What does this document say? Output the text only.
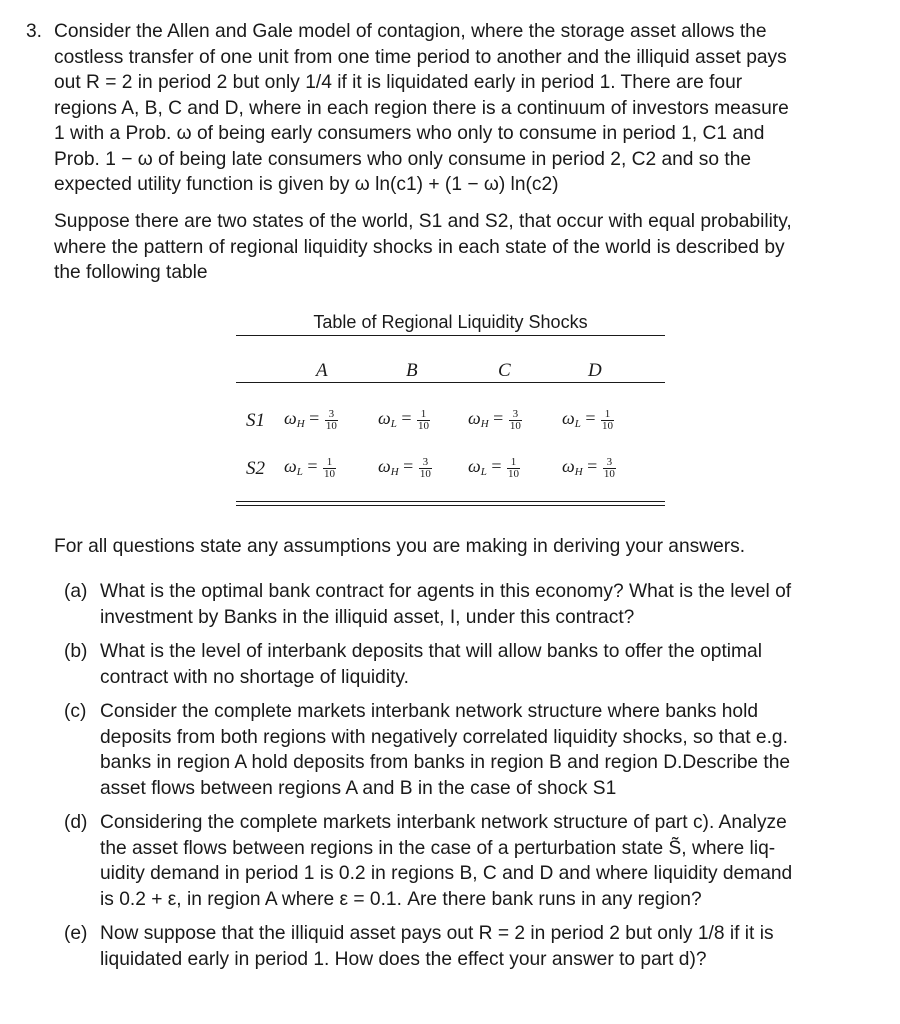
3. Consider the Allen and Gale model of contagion, where the storage asset allows the
costless transfer of one unit from one time period to another and the illiquid asset pays
out R = 2 in period 2 but only 1/4 if it is liquidated early in period 1. There are four
regions A, B, C and D, where in each region there is a continuum of investors measure
1 with a Prob. ω of being early consumers who only to consume in period 1, C1 and
Prob. 1 − ω of being late consumers who only consume in period 2, C2 and so the
expected utility function is given by ω ln(c1) + (1 − ω) ln(c2)
Suppose there are two states of the world, S1 and S2, that occur with equal probability,
where the pattern of regional liquidity shocks in each state of the world is described by
the following table
Table of Regional Liquidity Shocks
A	B	C	D
S1 $\omega_H = \frac{3}{10} \omega_L = \frac{1}{10} \omega_H = \frac{3}{10} \omega_L = \frac{1}{10}$
S2 $\omega_L = \frac{1}{10} \omega_H = \frac{3}{10} \omega_L = \frac{1}{10} \omega_H = \frac{3}{10}$
For all questions state any assumptions you are making in deriving your answers.
(a) What is the optimal bank contract for agents in this economy? What is the level of
investment by Banks in the illiquid asset, I, under this contract?
(b) What is the level of interbank deposits that will allow banks to offer the optimal
contract with no shortage of liquidity.
(c) Consider the complete markets interbank network structure where banks hold
deposits from both regions with negatively correlated liquidity shocks, so that e.g.
banks in region A hold deposits from banks in region B and region D.Describe the
asset flows between regions A and B in the case of shock S1
(d) Considering the complete markets interbank network structure of part c). Analyze
the asset flows between regions in the case of a perturbation state S̃, where liq-
uidity demand in period 1 is 0.2 in regions B, C and D and where liquidity demand
is 0.2 + ε, in region A where ε = 0.1. Are there bank runs in any region?
(e) Now suppose that the illiquid asset pays out R = 2 in period 2 but only 1/8 if it is
liquidated early in period 1. How does the effect your answer to part d)?
